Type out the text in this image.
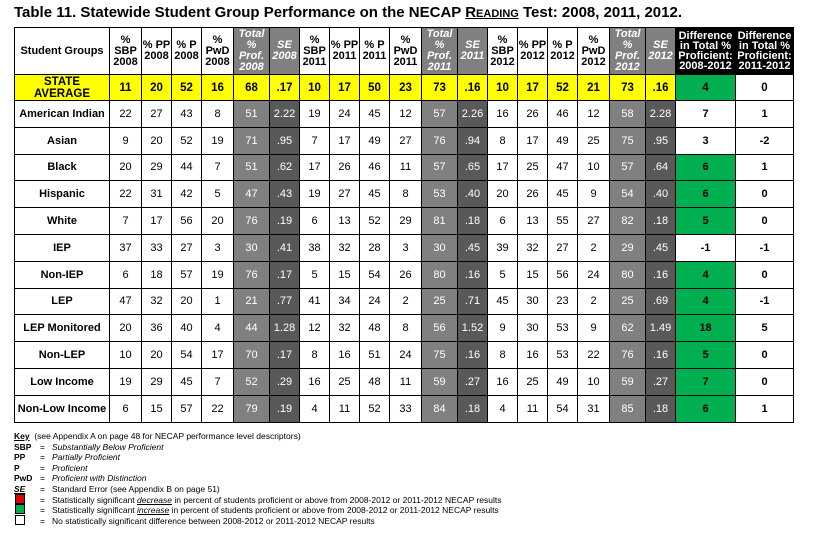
Table 11. Statewide Student Group Performance on the NECAP Reading Test: 2008, 2011, 2012.
Student Groups	% SBP 2008	% PP 2008	% P 2008	% PwD 2008	Total % Prof. 2008	SE 2008	% SBP 2011	% PP 2011	% P 2011	% PwD 2011	Total % Prof. 2011	SE 2011	% SBP 2012	% PP 2012	% P 2012	% PwD 2012	Total % Prof. 2012	SE 2012	Difference in Total % Proficient: 2008-2012	Difference in Total % Proficient: 2011-2012
STATE AVERAGE	11	20	52	16	68	.17	10	17	50	23	73	.16	10	17	52	21	73	.16	4	0
American Indian	22	27	43	8	51	2.22	19	24	45	12	57	2.26	16	26	46	12	58	2.28	7	1
Asian	9	20	52	19	71	.95	7	17	49	27	76	.94	8	17	49	25	75	.95	3	-2
Black	20	29	44	7	51	.62	17	26	46	11	57	.65	17	25	47	10	57	.64	6	1
Hispanic	22	31	42	5	47	.43	19	27	45	8	53	.40	20	26	45	9	54	.40	6	0
White	7	17	56	20	76	.19	6	13	52	29	81	.18	6	13	55	27	82	.18	5	0
IEP	37	33	27	3	30	.41	38	32	28	3	30	.45	39	32	27	2	29	.45	-1	-1
Non-IEP	6	18	57	19	76	.17	5	15	54	26	80	.16	5	15	56	24	80	.16	4	0
LEP	47	32	20	1	21	.77	41	34	24	2	25	.71	45	30	23	2	25	.69	4	-1
LEP Monitored	20	36	40	4	44	1.28	12	32	48	8	56	1.52	9	30	53	9	62	1.49	18	5
Non-LEP	10	20	54	17	70	.17	8	16	51	24	75	.16	8	16	53	22	76	.16	5	0
Low Income	19	29	45	7	52	.29	16	25	48	11	59	.27	16	25	49	10	59	.27	7	0
Non-Low Income	6	15	57	22	79	.19	4	11	52	33	84	.18	4	11	54	31	85	.18	6	1
Key
(see Appendix A on page 48 for NECAP performance level descriptors)
SBP	= Substantially Below Proficient
PP	= Partially Proficient
P	= Proficient
PwD = Proficient with Distinction
SE	= Standard Error (see Appendix B on page 51)
= Statistically significant decrease in percent of students proficient or above from 2008-2012 or 2011-2012 NECAP results
= Statistically significant increase in percent of students proficient or above from 2008-2012 or 2011-2012 NECAP results
= No statistically significant difference between 2008-2012 or 2011-2012 NECAP results
